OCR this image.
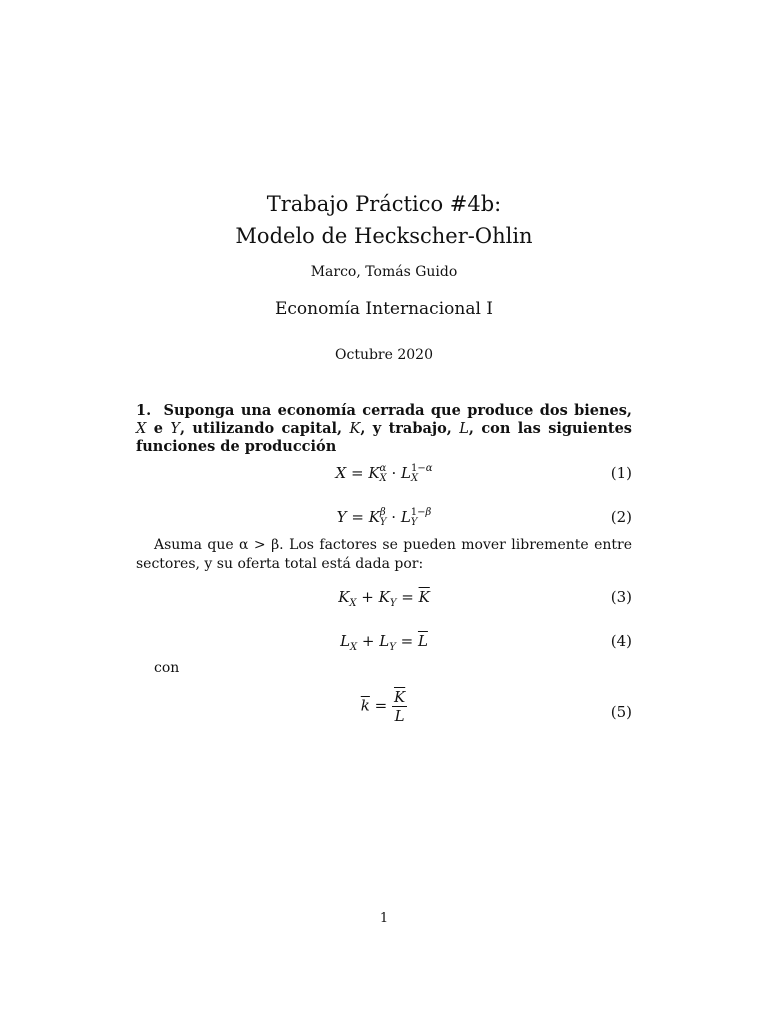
Trabajo Práctico #4b:
Modelo de Heckscher-Ohlin
Marco, Tomás Guido
Economía Internacional I
Octubre 2020
1. Suponga una economía cerrada que produce dos bienes, X e Y, utilizando capital, K, y trabajo, L, con las siguientes funciones de producción
X = K α
X · L 1−α
X	(1)
Y = K β
Y · L 1−β
Y	(2)
Asuma que α > β. Los factores se pueden mover libremente entre sectores, y su oferta total está dada por:
$K_X + K_Y = \overline{K}$	(3)
$L_X + L_Y = \overline{L}$	(4)
con
$\overline{k} = \frac{\overline{K}}{L}$	(5)
1
